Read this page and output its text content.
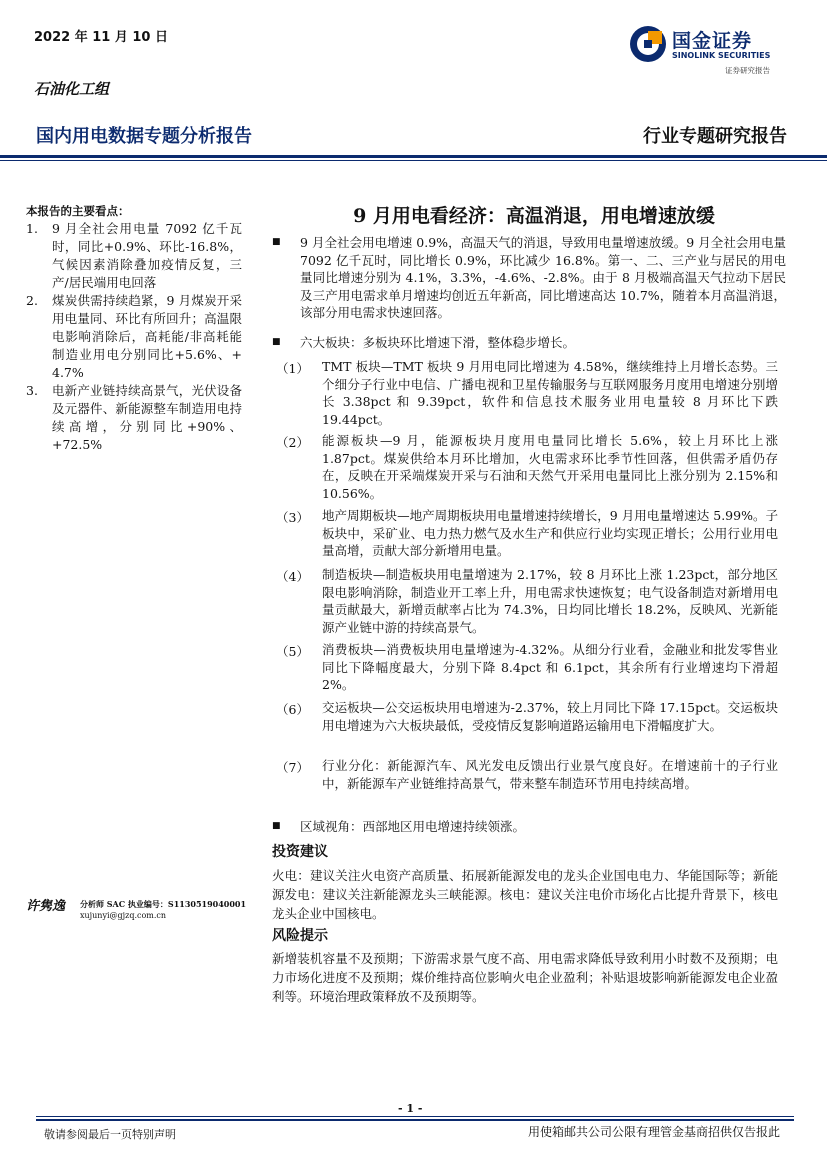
2022 年 11 月 10 日	国金证券
SINOLINK SECURITIES
证券研究报告
石油化工组
国内用电数据专题分析报告	行业专题研究报告
本报告的主要看点：
1.	9 月全社会用电量 7092 亿千瓦时，同比+0.9%、环比-16.8%，气候因素消除叠加疫情反复，三产/居民端用电回落
2.	煤炭供需持续趋紧，9 月煤炭开采用电量同、环比有所回升；高温限电影响消除后，高耗能/非高耗能制造业用电分别同比+5.6%、+ 4.7%
3.	电新产业链持续高景气，光伏设备及元器件、新能源整车制造用电持续高增，分别同比+90%、+72.5%
许隽逸 分析师 SAC 执业编号：S1130519040001
xujunyi@gjzq.com.cn
9 月用电看经济：高温消退，用电增速放缓
■ 9 月全社会用电增速 0.9%，高温天气的消退，导致用电量增速放缓。9 月全社会用电量 7092 亿千瓦时，同比增长 0.9%，环比减少 16.8%。第一、二、三产业与居民的用电量同比增速分别为 4.1%，3.3%，-4.6%、-2.8%。由于 8 月极端高温天气拉动下居民及三产用电需求单月增速均创近五年新高，同比增速高达 10.7%，随着本月高温消退，该部分用电需求快速回落。
■ 六大板块：多板块环比增速下滑，整体稳步增长。
（1） TMT 板块—TMT 板块 9 月用电同比增速为 4.58%，继续维持上月增长态势。三个细分子行业中电信、广播电视和卫星传输服务与互联网服务月度用电增速分别增长 3.38pct 和 9.39pct，软件和信息技术服务业用电量较 8 月环比下跌 19.44pct。
（2） 能源板块—9 月，能源板块月度用电量同比增长 5.6%，较上月环比上涨 1.87pct。煤炭供给本月环比增加，火电需求环比季节性回落，但供需矛盾仍存在，反映在开采端煤炭开采与石油和天然气开采用电量同比上涨分别为 2.15%和 10.56%。
（3） 地产周期板块—地产周期板块用电量增速持续增长，9 月用电量增速达 5.99%。子板块中，采矿业、电力热力燃气及水生产和供应行业均实现正增长；公用行业用电量高增，贡献大部分新增用电量。
（4） 制造板块—制造板块用电量增速为 2.17%，较 8 月环比上涨 1.23pct，部分地区限电影响消除，制造业开工率上升，用电需求快速恢复；电气设备制造对新增用电量贡献最大，新增贡献率占比为 74.3%，日均同比增长 18.2%，反映风、光新能源产业链中游的持续高景气。
（5） 消费板块—消费板块用电量增速为-4.32%。从细分行业看，金融业和批发零售业同比下降幅度最大，分别下降 8.4pct 和 6.1pct，其余所有行业增速均下滑超 2%。
（6） 交运板块—公交运板块用电增速为-2.37%，较上月同比下降 17.15pct。交运板块用电增速为六大板块最低，受疫情反复影响道路运输用电下滑幅度扩大。
（7） 行业分化：新能源汽车、风光发电反馈出行业景气度良好。在增速前十的子行业中，新能源车产业链维持高景气，带来整车制造环节用电持续高增。
■ 区域视角：西部地区用电增速持续领涨。
投资建议
火电：建议关注火电资产高质量、拓展新能源发电的龙头企业国电电力、华能国际等；新能源发电：建议关注新能源龙头三峡能源。核电：建议关注电价市场化占比提升背景下，核电龙头企业中国核电。
风险提示
新增装机容量不及预期；下游需求景气度不高、用电需求降低导致利用小时数不及预期；电力市场化进度不及预期；煤价维持高位影响火电企业盈利；补贴退坡影响新能源发电企业盈利等。环境治理政策释放不及预期等。
- 1 -
敬请参阅最后一页特别声明	用使箱邮共公司公限有理管金基商招供仅告报此
